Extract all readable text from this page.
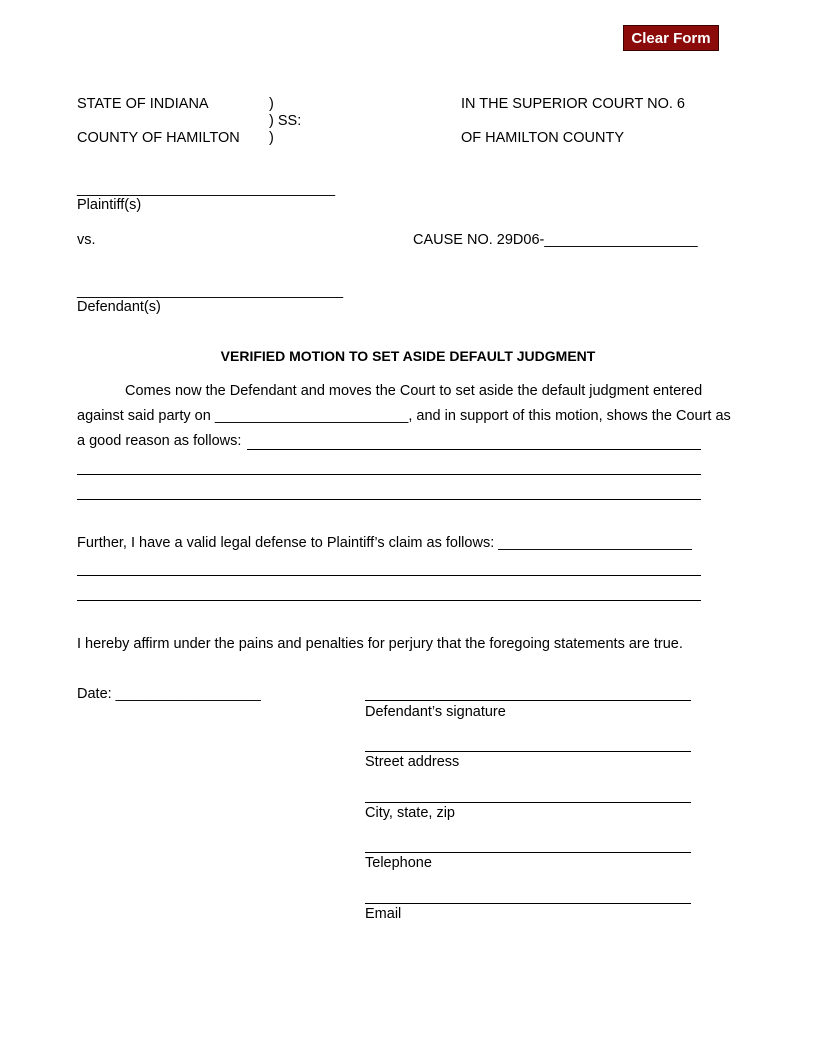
Clear Form
STATE OF INDIANA
COUNTY OF HAMILTON
)
) SS:
)
IN THE SUPERIOR COURT NO. 6
OF HAMILTON COUNTY
________________________________
Plaintiff(s)
vs.	CAUSE NO. 29D06-___________________
_________________________________
Defendant(s)
VERIFIED MOTION TO SET ASIDE DEFAULT JUDGMENT
Comes now the Defendant and moves the Court to set aside the default judgment entered
against said party on ________________________, and in support of this motion, shows the Court as
a good reason as follows:
Further, I have a valid legal defense to Plaintiff’s claim as follows: ________________________
I hereby affirm under the pains and penalties for perjury that the foregoing statements are true.
Date: __________________
Defendant’s signature
Street address
City, state, zip
Telephone
Email
